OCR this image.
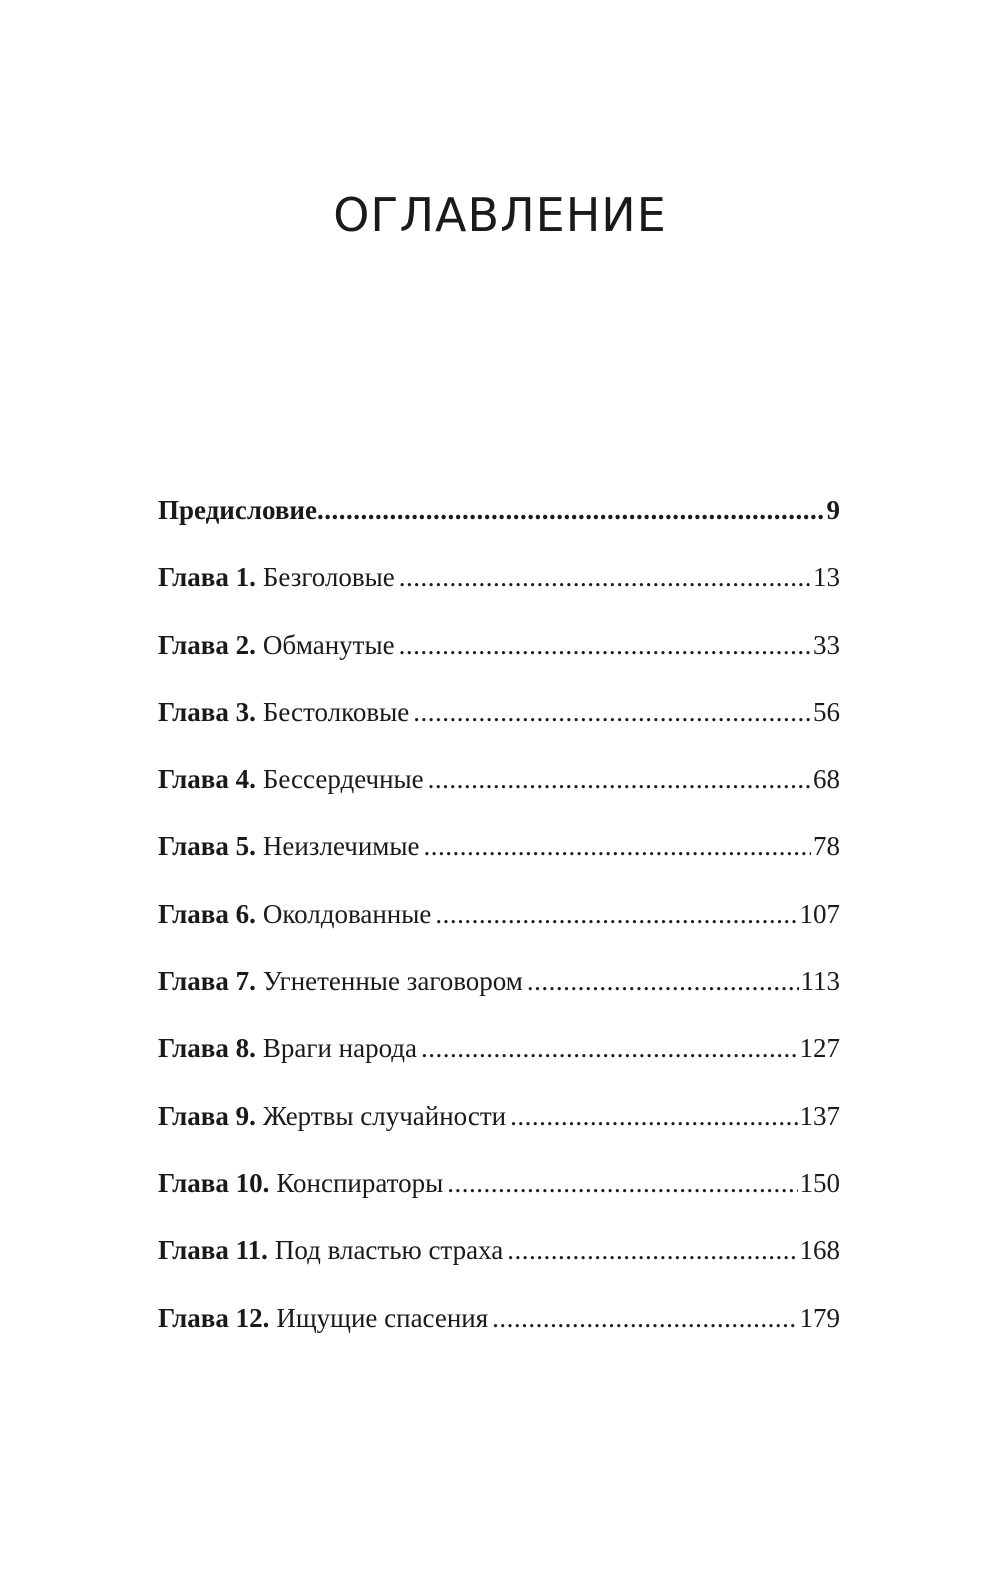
ОГЛАВЛЕНИЕ
Предисловие .....	9
Глава 1. Безголовые .....	13
Глава 2. Обманутые .....	33
Глава 3. Бестолковые .....	56
Глава 4. Бессердечные .....	68
Глава 5. Неизлечимые .....	78
Глава 6. Околдованные .....	107
Глава 7. Угнетенные заговором .....	113
Глава 8. Враги народа .....	127
Глава 9. Жертвы случайности .....	137
Глава 10. Конспираторы .....	150
Глава 11. Под властью страха .....	168
Глава 12. Ищущие спасения .....	179
